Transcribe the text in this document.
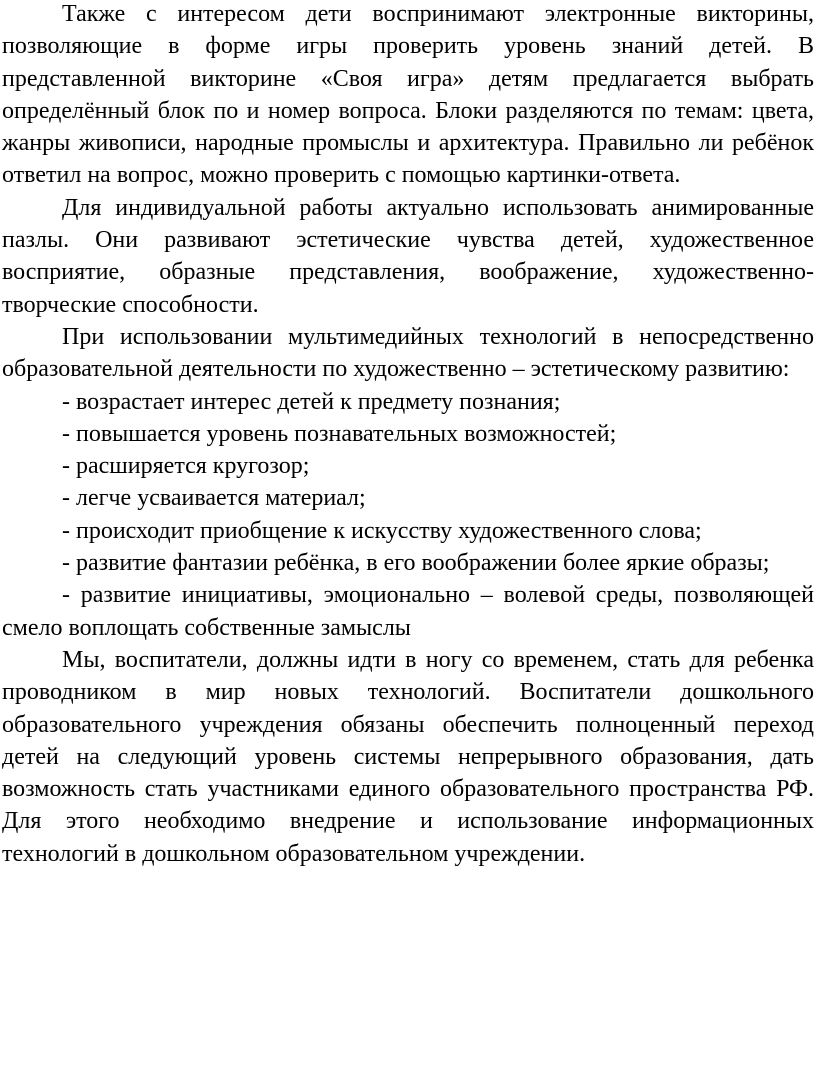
Также с интересом дети воспринимают электронные викторины, позволяющие в форме игры проверить уровень знаний детей. В представленной викторине «Своя игра» детям предлагается выбрать определённый блок по и номер вопроса. Блоки разделяются по темам: цвета, жанры живописи, народные промыслы и архитектура. Правильно ли ребёнок ответил на вопрос, можно проверить с помощью картинки-ответа.

Для индивидуальной работы актуально использовать анимированные пазлы. Они развивают эстетические чувства детей, художественное восприятие, образные представления, воображение, художественно-творческие способности.

При использовании мультимедийных технологий в непосредственно образовательной деятельности по художественно – эстетическому развитию:

- возрастает интерес детей к предмету познания;

- повышается уровень познавательных возможностей;

- расширяется кругозор;

- легче усваивается материал;

- происходит приобщение к искусству художественного слова;

- развитие фантазии ребёнка, в его воображении более яркие образы;

- развитие инициативы, эмоционально – волевой среды, позволяющей смело воплощать собственные замыслы

Мы, воспитатели, должны идти в ногу со временем, стать для ребенка проводником в мир новых технологий. Воспитатели дошкольного образовательного учреждения обязаны обеспечить полноценный переход детей на следующий уровень системы непрерывного образования, дать возможность стать участниками единого образовательного пространства РФ. Для этого необходимо внедрение и использование информационных технологий в дошкольном образовательном учреждении.
